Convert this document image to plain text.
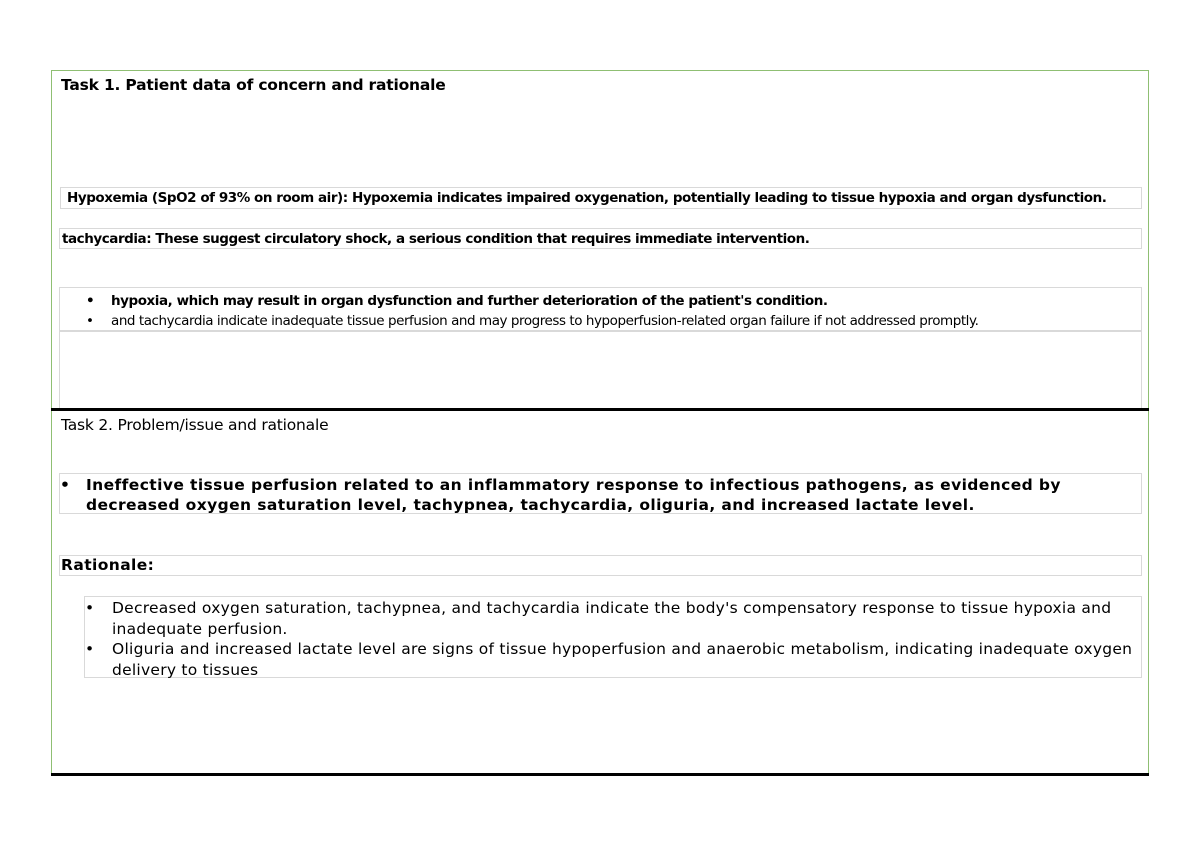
Task 1. Patient data of concern and rationale
Hypoxemia (SpO2 of 93% on room air): Hypoxemia indicates impaired oxygenation, potentially leading to tissue hypoxia and organ dysfunction.
tachycardia: These suggest circulatory shock, a serious condition that requires immediate intervention.
• hypoxia, which may result in organ dysfunction and further deterioration of the patient's condition.
• and tachycardia indicate inadequate tissue perfusion and may progress to hypoperfusion-related organ failure if not addressed promptly.
Task 2. Problem/issue and rationale
• Ineffective tissue perfusion related to an inflammatory response to infectious pathogens, as evidenced by decreased oxygen saturation level, tachypnea, tachycardia, oliguria, and increased lactate level.
Rationale:
• Decreased oxygen saturation, tachypnea, and tachycardia indicate the body's compensatory response to tissue hypoxia and inadequate perfusion.
• Oliguria and increased lactate level are signs of tissue hypoperfusion and anaerobic metabolism, indicating inadequate oxygen delivery to tissues
